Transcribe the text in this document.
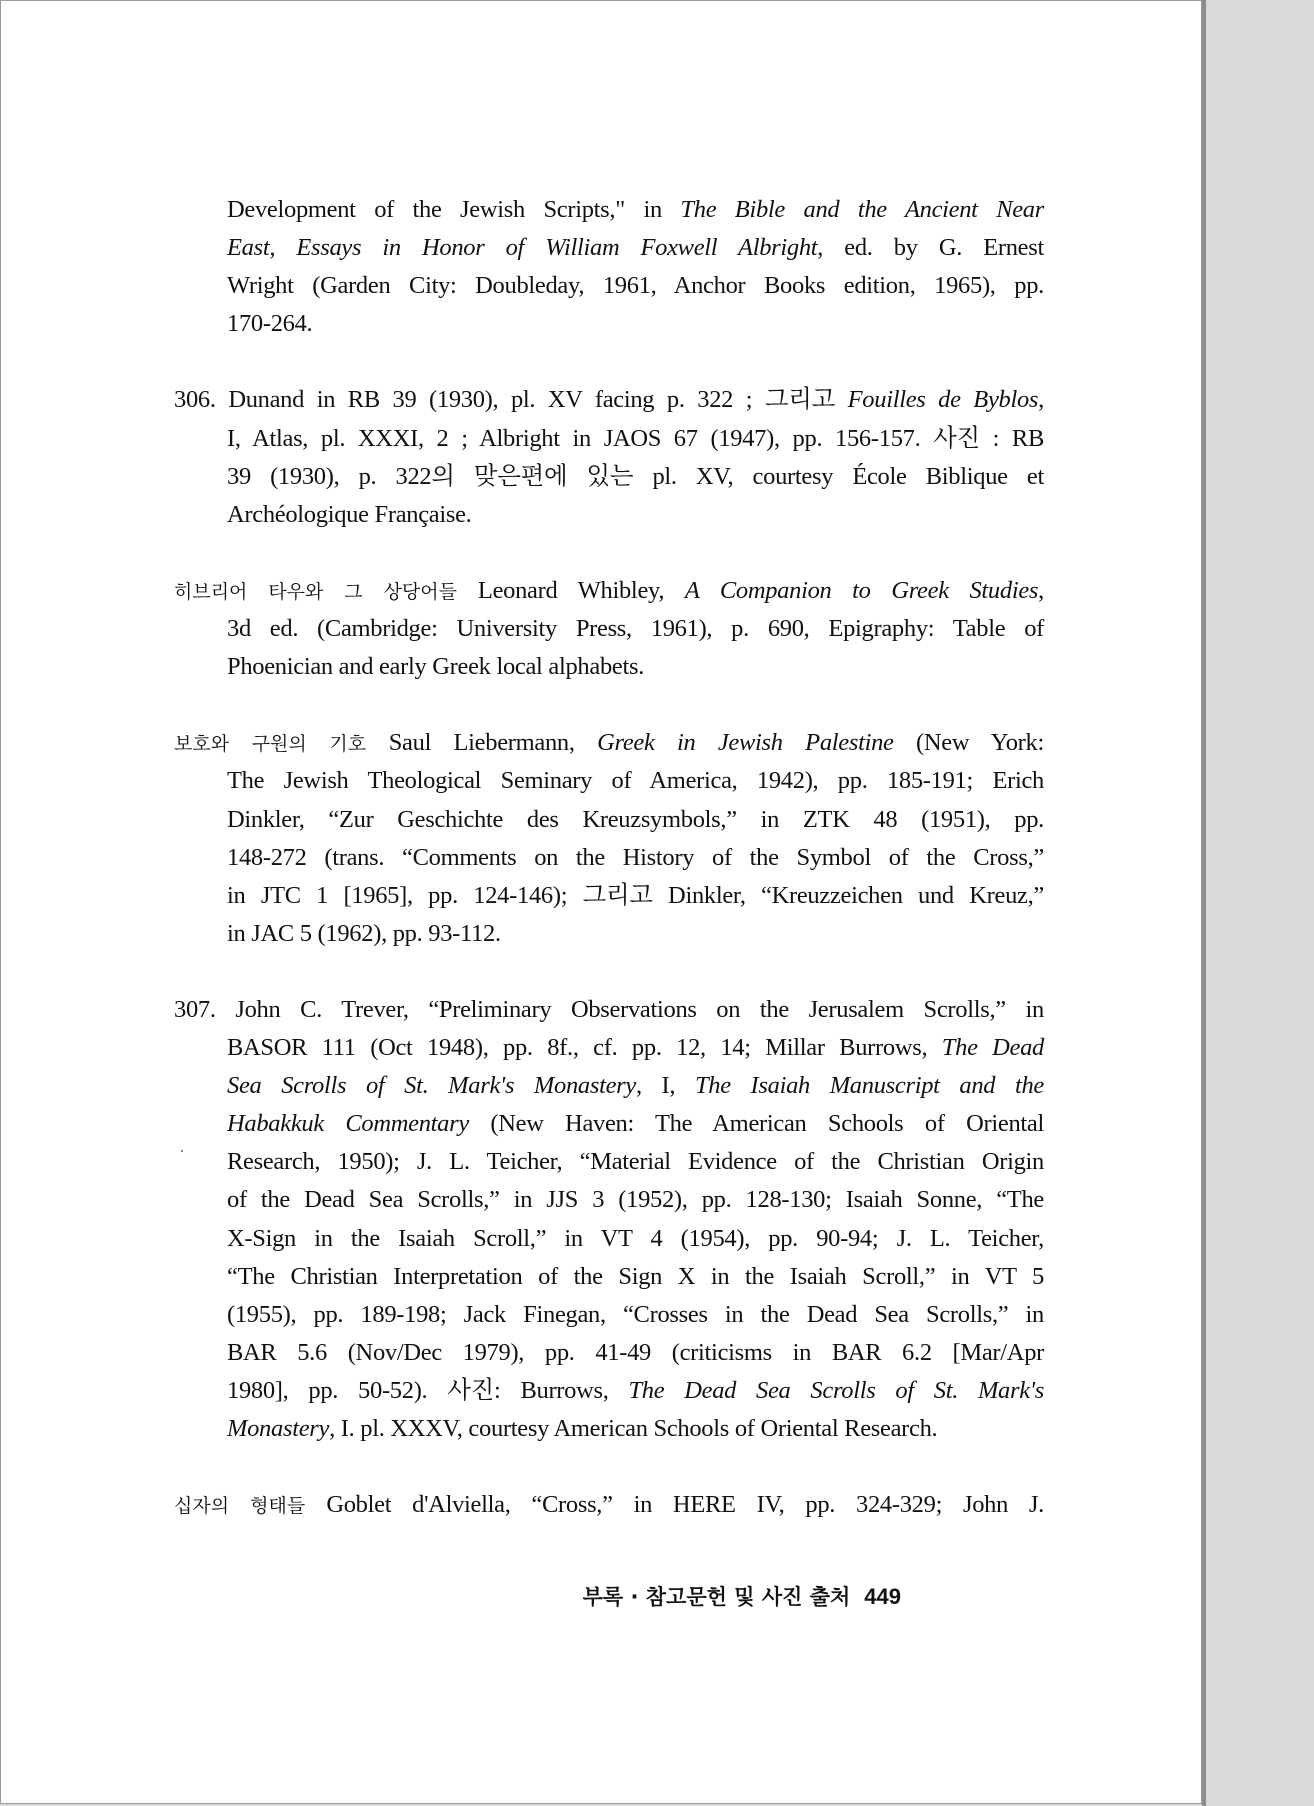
Development of the Jewish Scripts," in The Bible and the Ancient Near
East, Essays in Honor of William Foxwell Albright, ed. by G. Ernest
Wright (Garden City: Doubleday, 1961, Anchor Books edition, 1965), pp.
170-264.
306. Dunand in RB 39 (1930), pl. XV facing p. 322 ; 그리고 Fouilles de Byblos,
I, Atlas, pl. XXXI, 2 ; Albright in JAOS 67 (1947), pp. 156-157. 사진 : RB
39 (1930), p. 322의 맞은편에 있는 pl. XV, courtesy École Biblique et
Archéologique Française.
히브리어 타우와 그 상당어들 Leonard Whibley, A Companion to Greek Studies,
3d ed. (Cambridge: University Press, 1961), p. 690, Epigraphy: Table of
Phoenician and early Greek local alphabets.
보호와 구원의 기호 Saul Liebermann, Greek in Jewish Palestine (New York:
The Jewish Theological Seminary of America, 1942), pp. 185-191; Erich
Dinkler, “Zur Geschichte des Kreuzsymbols,” in ZTK 48 (1951), pp.
148-272 (trans. “Comments on the History of the Symbol of the Cross,”
in JTC 1 [1965], pp. 124-146); 그리고 Dinkler, “Kreuzzeichen und Kreuz,”
in JAC 5 (1962), pp. 93-112.
307. John C. Trever, “Preliminary Observations on the Jerusalem Scrolls,” in
BASOR 111 (Oct 1948), pp. 8f., cf. pp. 12, 14; Millar Burrows, The Dead
Sea Scrolls of St. Mark's Monastery, I, The Isaiah Manuscript and the
Habakkuk Commentary (New Haven: The American Schools of Oriental
Research, 1950); J. L. Teicher, “Material Evidence of the Christian Origin
of the Dead Sea Scrolls,” in JJS 3 (1952), pp. 128-130; Isaiah Sonne, “The
X-Sign in the Isaiah Scroll,” in VT 4 (1954), pp. 90-94; J. L. Teicher,
“The Christian Interpretation of the Sign X in the Isaiah Scroll,” in VT 5
(1955), pp. 189-198; Jack Finegan, “Crosses in the Dead Sea Scrolls,” in
BAR 5.6 (Nov/Dec 1979), pp. 41-49 (criticisms in BAR 6.2 [Mar/Apr
1980], pp. 50-52). 사진: Burrows, The Dead Sea Scrolls of St. Mark's
Monastery, I. pl. XXXV, courtesy American Schools of Oriental Research.
십자의 형태들 Goblet d'Alviella, “Cross,” in HERE IV, pp. 324-329; John J.
부록 · 참고문헌 및 사진 출처 449
